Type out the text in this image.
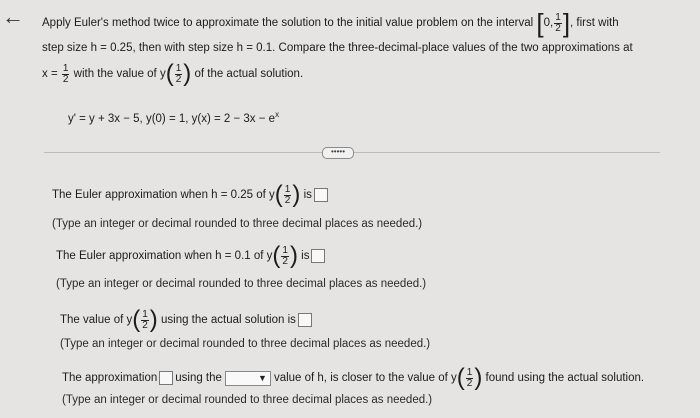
← Apply Euler's method twice to approximate the solution to the initial value problem on the interval [0, $\frac{1}{2}$ ], first with
step size h = 0.25, then with step size h = 0.1. Compare the three-decimal-place values of the two approximations at
$x = \frac{1}{2}$ with the value of $y( \frac{1}{2}$ ) of the actual solution.
y' = y + 3x − 5, y(0) = 1, $y(x) = 2 - 3x - e^x$
•••••
The Euler approximation when h = 0.25 of $y( \frac{1}{2}$ ) is
(Type an integer or decimal rounded to three decimal places as needed.)
The Euler approximation when h = 0.1 of $y( \frac{1}{2}$ ) is
(Type an integer or decimal rounded to three decimal places as needed.)
The value of $y( \frac{1}{2}$ ) using the actual solution is
(Type an integer or decimal rounded to three decimal places as needed.)
The approximation using the	▼ value of h, is closer to the value of $y( \frac{1}{2}$ ) found using the actual solution.
(Type an integer or decimal rounded to three decimal places as needed.)
